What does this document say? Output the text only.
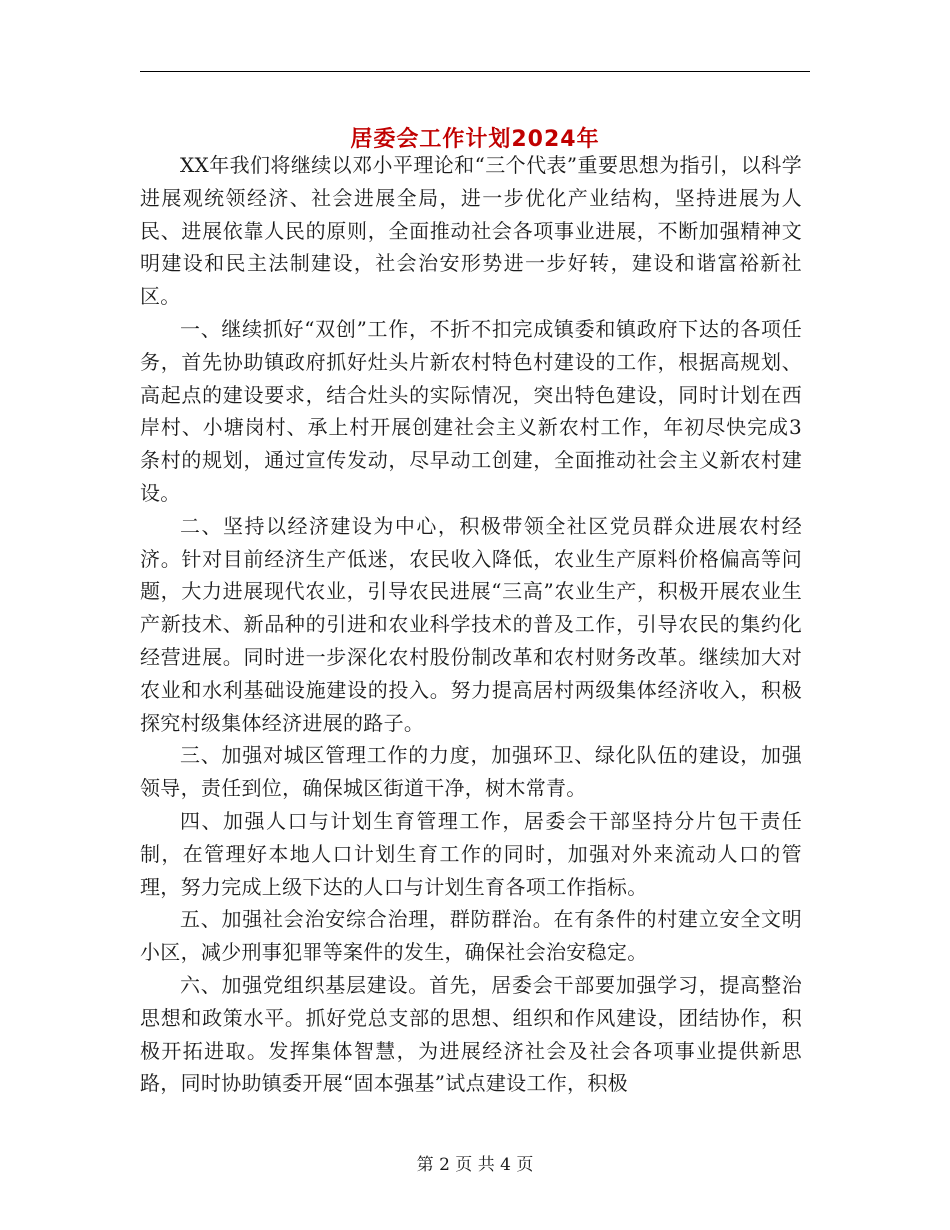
居委会工作计划2024年

XX年我们将继续以邓小平理论和“三个代表”重要思想为指引，以科学进展观统领经济、社会进展全局，进一步优化产业结构，坚持进展为人民、进展依靠人民的原则，全面推动社会各项事业进展，不断加强精神文明建设和民主法制建设，社会治安形势进一步好转，建设和谐富裕新社区。

一、继续抓好“双创”工作，不折不扣完成镇委和镇政府下达的各项任务，首先协助镇政府抓好灶头片新农村特色村建设的工作，根据高规划、高起点的建设要求，结合灶头的实际情况，突出特色建设，同时计划在西岸村、小塘岗村、承上村开展创建社会主义新农村工作，年初尽快完成3条村的规划，通过宣传发动，尽早动工创建，全面推动社会主义新农村建设。

二、坚持以经济建设为中心，积极带领全社区党员群众进展农村经济。针对目前经济生产低迷，农民收入降低，农业生产原料价格偏高等问题，大力进展现代农业，引导农民进展“三高”农业生产，积极开展农业生产新技术、新品种的引进和农业科学技术的普及工作，引导农民的集约化经营进展。同时进一步深化农村股份制改革和农村财务改革。继续加大对农业和水利基础设施建设的投入。努力提高居村两级集体经济收入，积极探究村级集体经济进展的路子。

三、加强对城区管理工作的力度，加强环卫、绿化队伍的建设，加强领导，责任到位，确保城区街道干净，树木常青。

四、加强人口与计划生育管理工作，居委会干部坚持分片包干责任制，在管理好本地人口计划生育工作的同时，加强对外来流动人口的管理，努力完成上级下达的人口与计划生育各项工作指标。

五、加强社会治安综合治理，群防群治。在有条件的村建立安全文明小区，减少刑事犯罪等案件的发生，确保社会治安稳定。

六、加强党组织基层建设。首先，居委会干部要加强学习，提高整治思想和政策水平。抓好党总支部的思想、组织和作风建设，团结协作，积极开拓进取。发挥集体智慧，为进展经济社会及社会各项事业提供新思路，同时协助镇委开展“固本强基”试点建设工作，积极

第 2 页 共 4 页
